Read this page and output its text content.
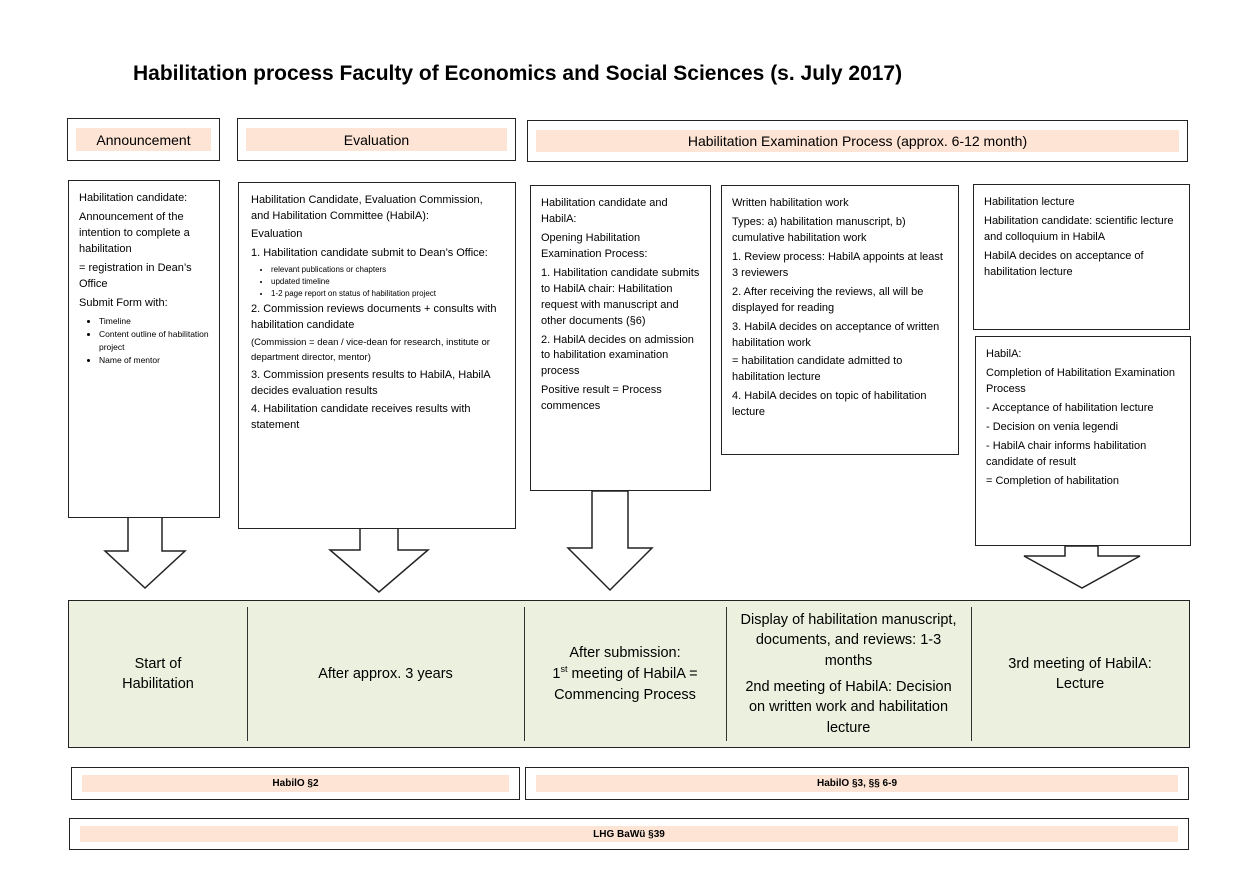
Habilitation process Faculty of Economics and Social Sciences (s. July 2017)
Announcement	Evaluation	Habilitation Examination Process (approx. 6-12 month)

Habilitation candidate:

Announcement of the intention to complete a habilitation

= registration in Dean’s Office

Submit Form with:

• Timeline
• Content outline of habilitation project
• Name of mentor

Habilitation Candidate, Evaluation Commission, and Habilitation Committee (HabilA):

Evaluation

1. Habilitation candidate submit to Dean’s Office:

• relevant publications or chapters
• updated timeline
• 1-2 page report on status of habilitation project

2. Commission reviews documents + consults with habilitation candidate

(Commission = dean / vice-dean for research, institute or department director, mentor)

3. Commission presents results to HabilA, HabilA decides evaluation results

4. Habilitation candidate receives results with statement

Habilitation candidate and HabilA:

Opening Habilitation Examination Process:

1. Habilitation candidate submits to HabilA chair: Habilitation request with manuscript and other documents (§6)

2. HabilA decides on admission to habilitation examination process

Positive result = Process commences

Written habilitation work

Types: a) habilitation manuscript, b) cumulative habilitation work

1. Review process: HabilA appoints at least 3 reviewers

2. After receiving the reviews, all will be displayed for reading

3. HabilA decides on acceptance of written habilitation work

= habilitation candidate admitted to habilitation lecture

4. HabilA decides on topic of habilitation lecture

Habilitation lecture

Habilitation candidate: scientific lecture and colloquium in HabilA

HabilA decides on acceptance of habilitation lecture

HabilA:

Completion of Habilitation Examination Process

- Acceptance of habilitation lecture

- Decision on venia legendi

- HabilA chair informs habilitation candidate of result

= Completion of habilitation

Start of Habilitation
After approx. 3 years
After submission:
1st meeting of HabilA = Commencing Process
Display of habilitation manuscript, documents, and reviews: 1-3 months
2nd meeting of HabilA: Decision on written work and habilitation lecture
3rd meeting of HabilA: Lecture
HabilO §2	HabilO §3, §§ 6-9
LHG BaWü §39
